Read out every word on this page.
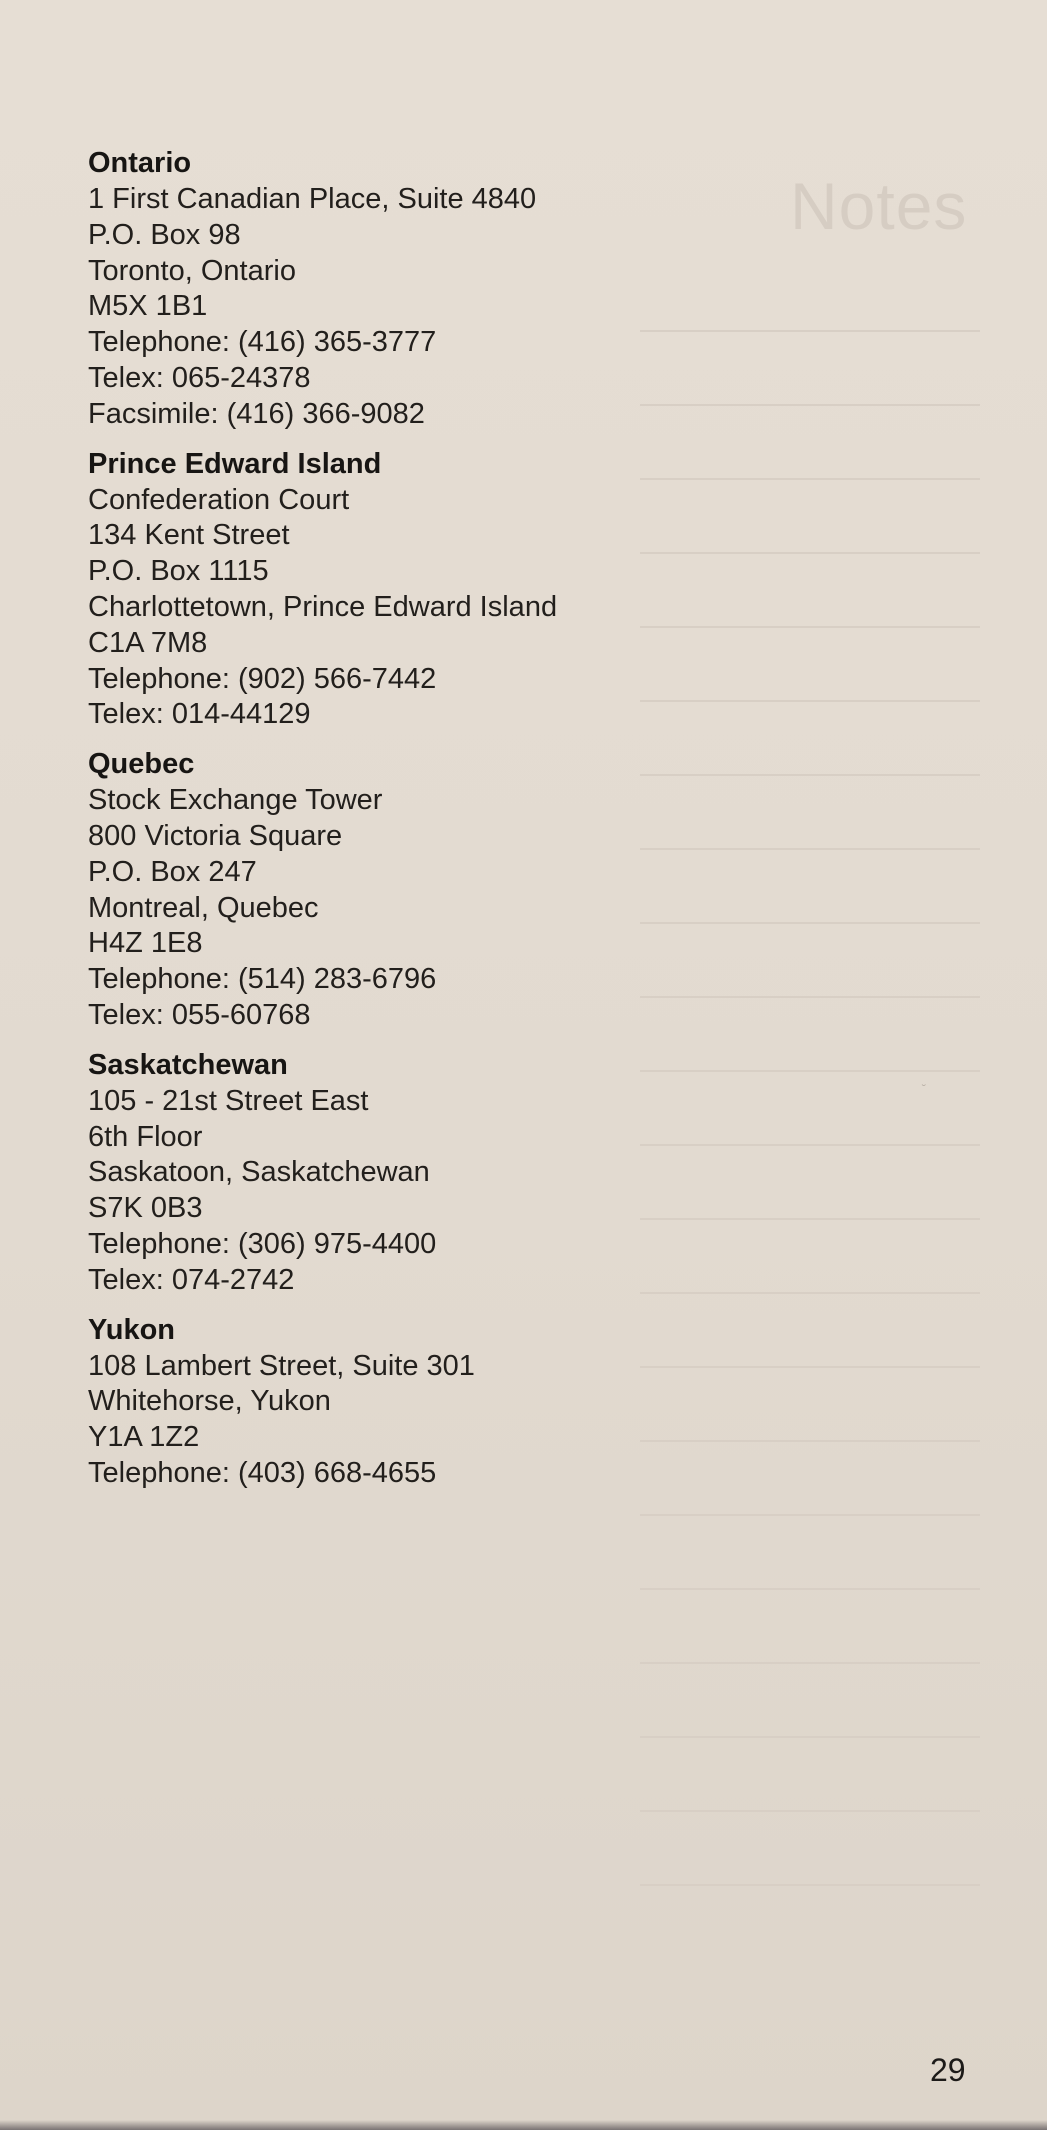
Notes
˘
Ontario
1 First Canadian Place, Suite 4840
P.O. Box 98
Toronto, Ontario
M5X 1B1
Telephone: (416) 365-3777
Telex: 065-24378
Facsimile: (416) 366-9082
Prince Edward Island
Confederation Court
134 Kent Street
P.O. Box 1115
Charlottetown, Prince Edward Island
C1A 7M8
Telephone: (902) 566-7442
Telex: 014-44129
Quebec
Stock Exchange Tower
800 Victoria Square
P.O. Box 247
Montreal, Quebec
H4Z 1E8
Telephone: (514) 283-6796
Telex: 055-60768
Saskatchewan
105 - 21st Street East
6th Floor
Saskatoon, Saskatchewan
S7K 0B3
Telephone: (306) 975-4400
Telex: 074-2742
Yukon
108 Lambert Street, Suite 301
Whitehorse, Yukon
Y1A 1Z2
Telephone: (403) 668-4655
29
